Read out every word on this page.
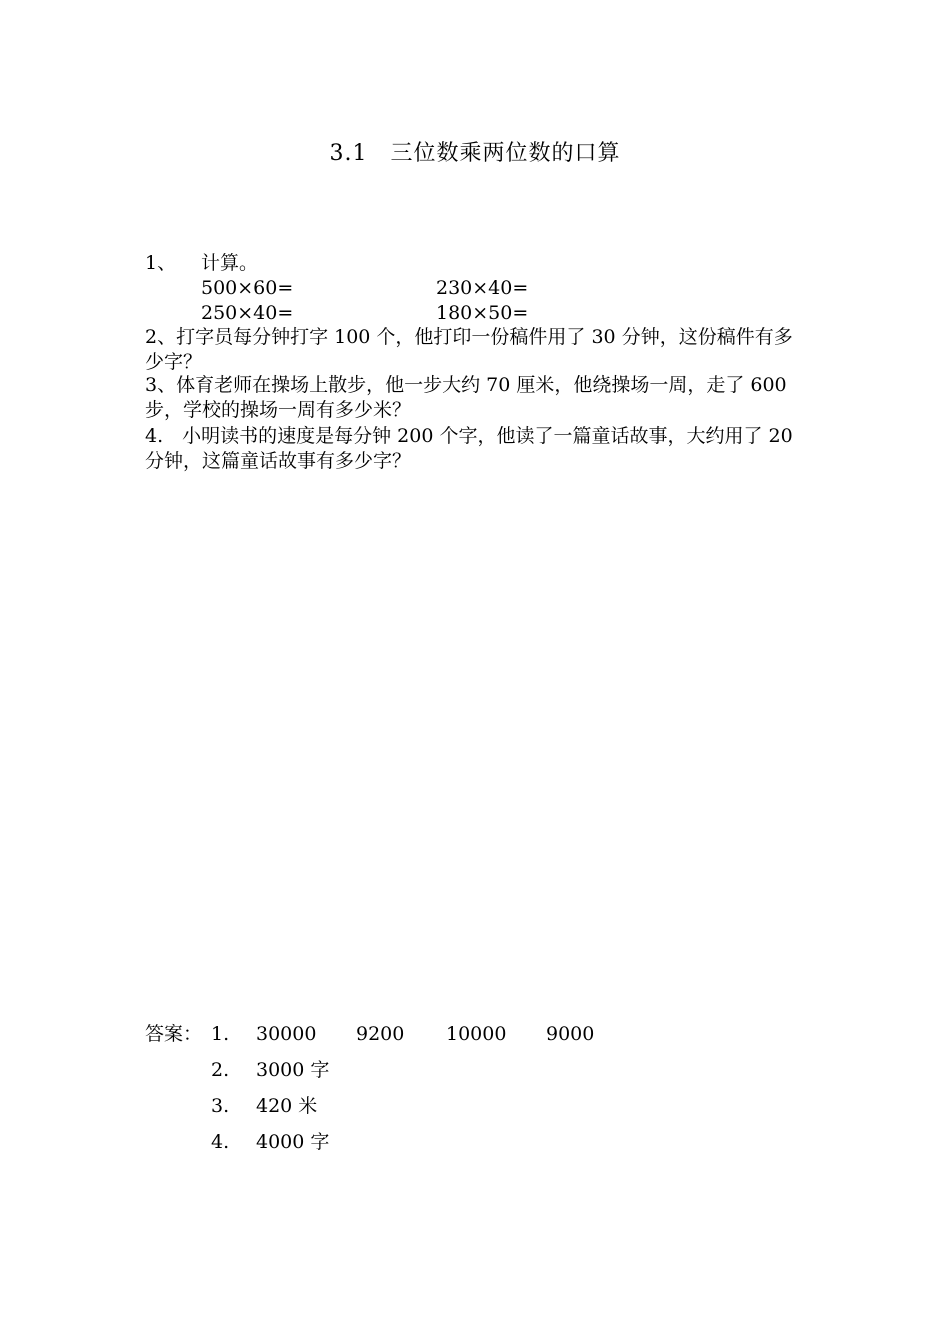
3.1　三位数乘两位数的口算
1、 计算。
500×60=	230×40=
250×40=	180×50=
2、打字员每分钟打字 100 个，他打印一份稿件用了 30 分钟，这份稿件有多少字？
3、体育老师在操场上散步，他一步大约 70 厘米，他绕操场一周，走了 600 步，学校的操场一周有多少米？
4.　小明读书的速度是每分钟 200 个字，他读了一篇童话故事，大约用了 20 分钟，这篇童话故事有多少字？
答案： 1. 30000 9200 10000 9000
2. 3000 字
3. 420 米
4. 4000 字
